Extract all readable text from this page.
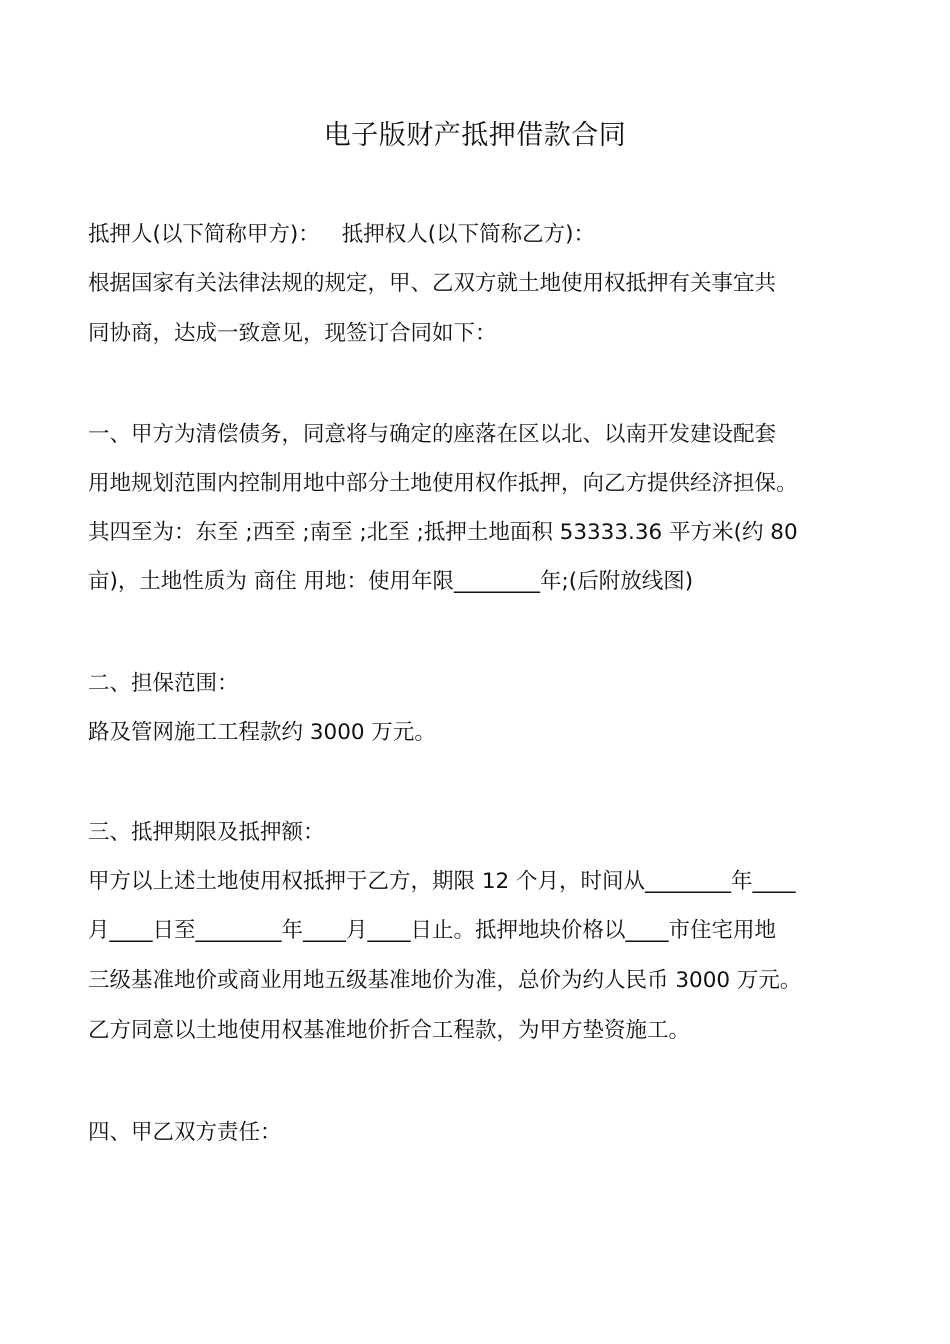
电子版财产抵押借款合同
抵押人(以下简称甲方)： 抵押权人(以下简称乙方)：
根据国家有关法律法规的规定，甲、乙双方就土地使用权抵押有关事宜共
同协商，达成一致意见，现签订合同如下：
一、甲方为清偿债务，同意将与确定的座落在区以北、以南开发建设配套
用地规划范围内控制用地中部分土地使用权作抵押，向乙方提供经济担保。
其四至为：东至 ;西至 ;南至 ;北至 ;抵押土地面积 53333.36 平方米(约 80
亩)，土地性质为 商住 用地：使用年限________年;(后附放线图)
二、担保范围：
路及管网施工工程款约 3000 万元。
三、抵押期限及抵押额：
甲方以上述土地使用权抵押于乙方，期限 12 个月，时间从________年____
月____日至________年____月____日止。抵押地块价格以____市住宅用地
三级基准地价或商业用地五级基准地价为准，总价为约人民币 3000 万元。
乙方同意以土地使用权基准地价折合工程款，为甲方垫资施工。
四、甲乙双方责任：
